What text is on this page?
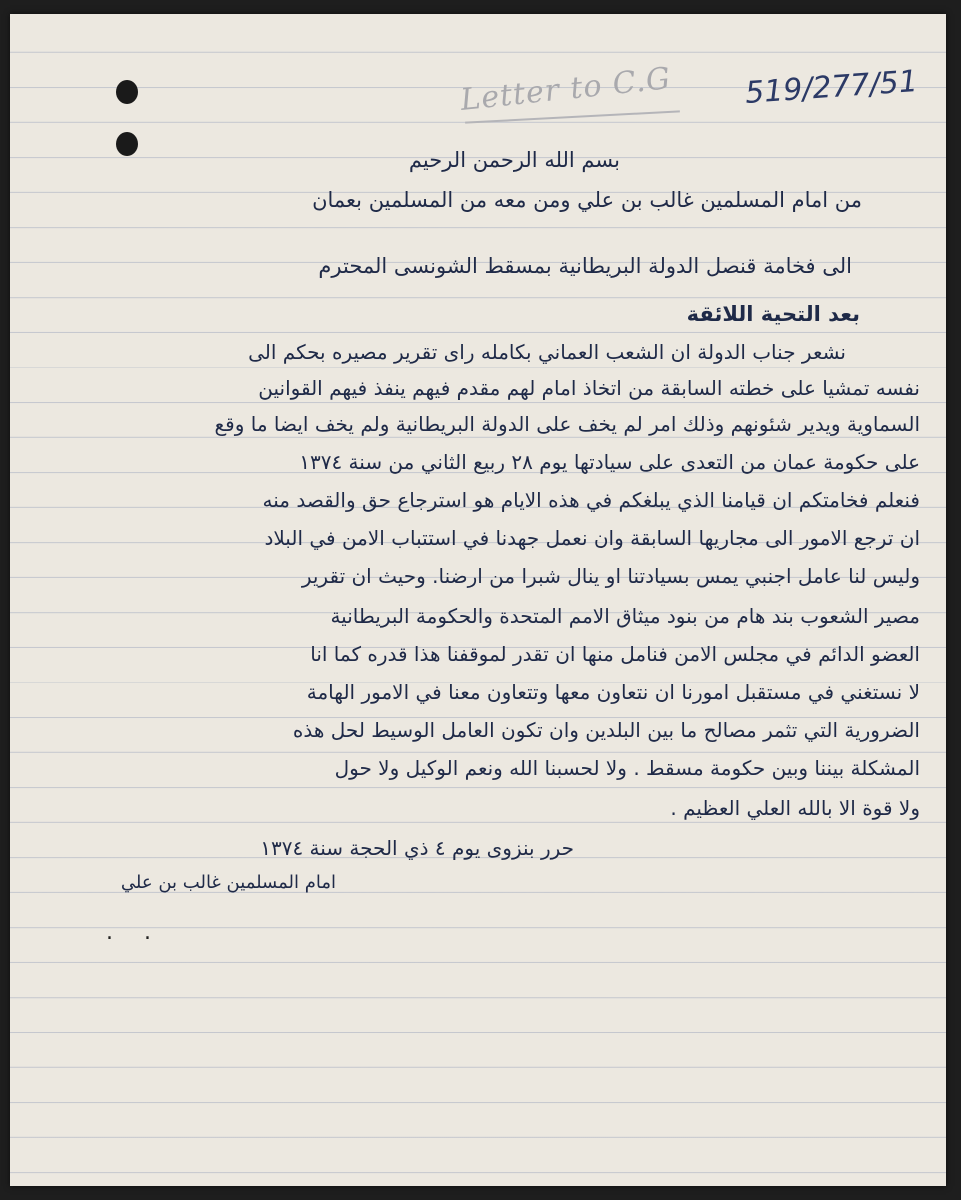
Letter to C.G 519/277/51
بسم الله الرحمن الرحيم
من امام المسلمين غالب بن علي ومن معه من المسلمين بعمان
الى فخامة قنصل الدولة البريطانية بمسقط الشونسى المحترم
بعد التحية اللائقة
نشعر جناب الدولة ان الشعب العماني بكامله راى تقرير مصيره بحكم الى
نفسه تمشيا على خطته السابقة من اتخاذ امام لهم مقدم فيهم ينفذ فيهم القوانين
السماوية ويدير شئونهم وذلك امر لم يخف على الدولة البريطانية ولم يخف ايضا ما وقع
على حكومة عمان من التعدى على سيادتها يوم ٢٨ ربيع الثاني من سنة ١٣٧٤
فنعلم فخامتكم ان قيامنا الذي يبلغكم في هذه الايام هو استرجاع حق والقصد منه
ان ترجع الامور الى مجاريها السابقة وان نعمل جهدنا في استتباب الامن في البلاد
وليس لنا عامل اجنبي يمس بسيادتنا او ينال شبرا من ارضنا. وحيث ان تقرير
مصير الشعوب بند هام من بنود ميثاق الامم المتحدة والحكومة البريطانية
العضو الدائم في مجلس الامن فنامل منها ان تقدر لموقفنا هذا قدره كما انا
لا نستغني في مستقبل امورنا ان نتعاون معها وتتعاون معنا في الامور الهامة
الضرورية التي تثمر مصالح ما بين البلدين وان تكون العامل الوسيط لحل هذه
المشكلة بيننا وبين حكومة مسقط . ولا لحسبنا الله ونعم الوكيل ولا حول
ولا قوة الا بالله العلي العظيم .
حرر بنزوى يوم ٤ ذي الحجة سنة ١٣٧٤
امام المسلمين غالب بن علي
. .
